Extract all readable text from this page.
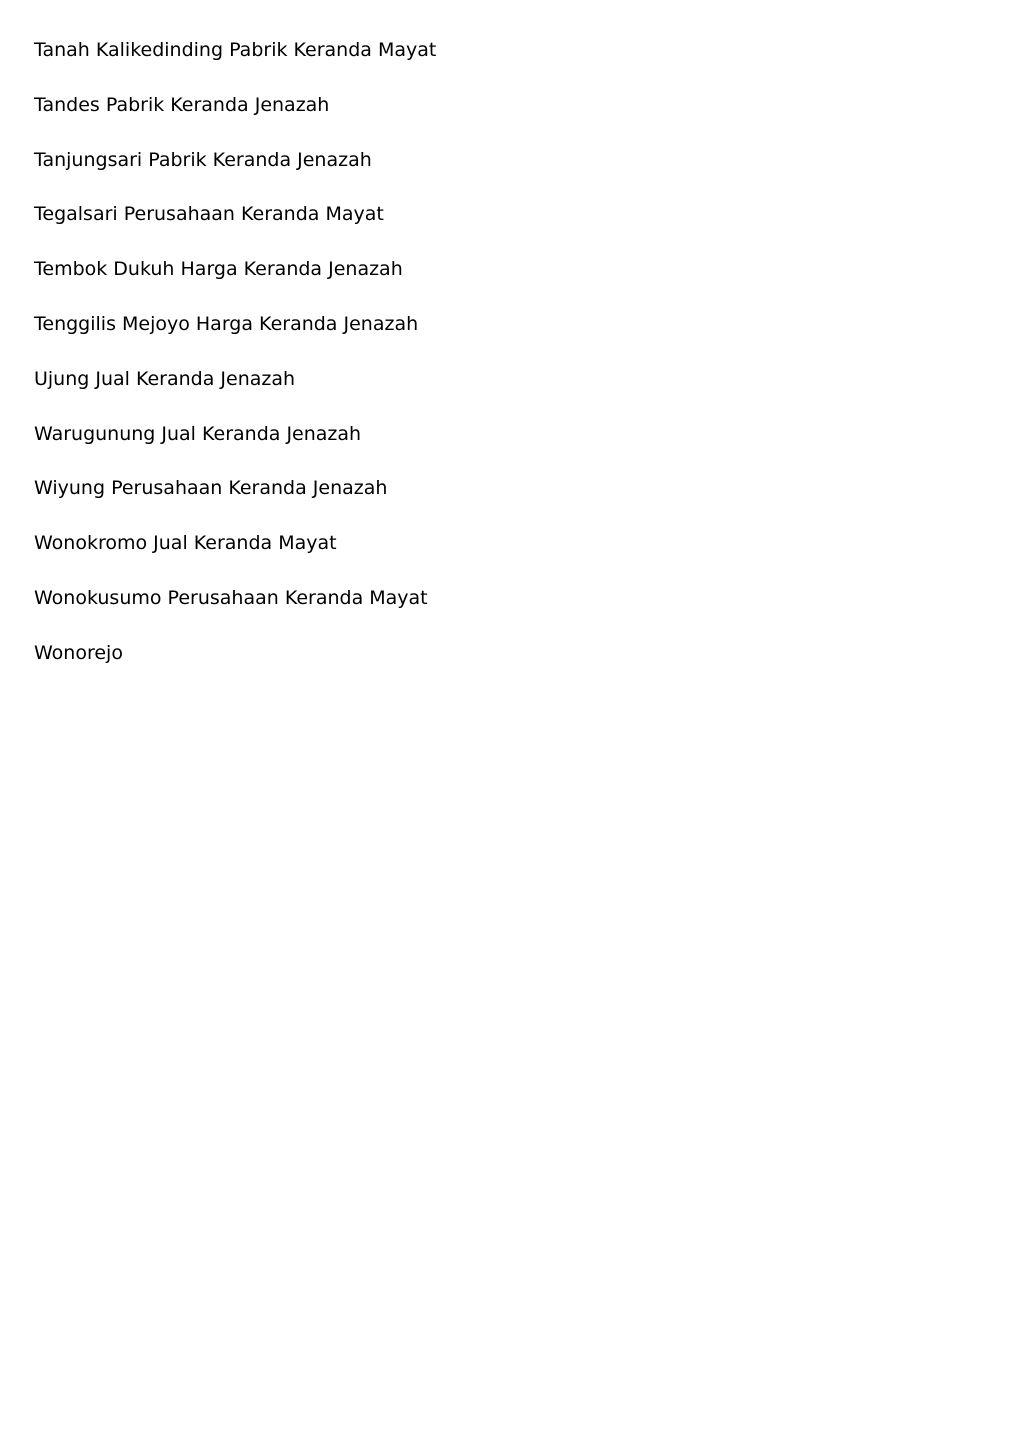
Tanah Kalikedinding Pabrik Keranda Mayat
Tandes Pabrik Keranda Jenazah
Tanjungsari Pabrik Keranda Jenazah
Tegalsari Perusahaan Keranda Mayat
Tembok Dukuh Harga Keranda Jenazah
Tenggilis Mejoyo Harga Keranda Jenazah
Ujung Jual Keranda Jenazah
Warugunung Jual Keranda Jenazah
Wiyung Perusahaan Keranda Jenazah
Wonokromo Jual Keranda Mayat
Wonokusumo Perusahaan Keranda Mayat
Wonorejo
